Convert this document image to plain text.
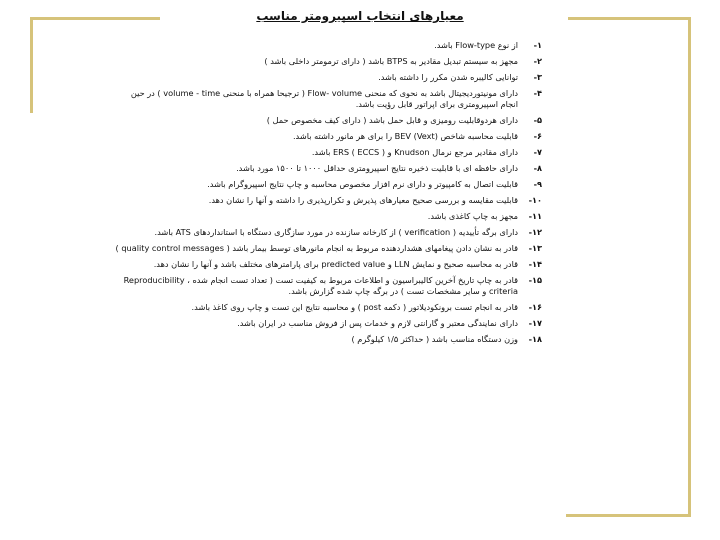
معیارهای انتخاب اسپیرومتر مناسب
۱-
از نوع Flow-type باشد.
۲-
مجهز به سیستم تبدیل مقادیر به BTPS باشد ( دارای ترمومتر داخلی باشد )
۳-
توانایی کالیبره شدن مکرر را داشته باشد.
۴-
دارای مونیتوردیجیتال باشد به نحوی که منحنی Flow- volume ( ترجیحا همراه با منحنی volume - time ) در حین انجام اسپیرومتری برای اپراتور قابل رؤیت باشد.
۵-
دارای هردوقابلیت رومیزی و قابل حمل باشد ( دارای کیف مخصوص حمل )
۶-
قابلیت محاسبه شاخص BEV (Vext) را برای هر مانور داشته باشد.
۷-
دارای مقادیر مرجع نرمال Knudson و ERS ( ECCS ) باشد.
۸-
دارای حافظه ای با قابلیت ذخیره نتایج اسپیرومتری حداقل ۱۰۰۰ تا ۱۵۰۰ مورد باشد.
۹-
قابلیت اتصال به کامپیوتر و دارای نرم افزار مخصوص محاسبه و چاپ نتایج اسپیروگرام باشد.
۱۰-
قابلیت مقایسه و بررسی صحیح معیارهای پذیرش و تکرارپذیری را داشته و آنها را نشان دهد.
۱۱-
مجهز به چاپ کاغذی باشد.
۱۲-
دارای برگه تأییدیه ( verification ) از کارخانه سازنده در مورد سازگاری دستگاه با استانداردهای ATS باشد.
۱۳-
قادر به نشان دادن پیغامهای هشداردهنده مربوط به انجام مانورهای توسط بیمار باشد ( quality control messages )
۱۴-
قادر به محاسبه صحیح و نمایش LLN و predicted value برای پارامترهای مختلف باشد و آنها را نشان دهد.
۱۵-
قادر به چاپ تاریخ آخرین کالیبراسیون و اطلاعات مربوط به کیفیت تست ( تعداد تست انجام شده ، Reproducibility criteria و سایر مشخصات تست ) در برگه چاپ شده گزارش باشد.
۱۶-
قادر به انجام تست برونکودیلاتور ( دکمه post ) و محاسبه نتایج این تست و چاپ روی کاغذ باشد.
۱۷-
دارای نمایندگی معتبر و گارانتی لازم و خدمات پس از فروش مناسب در ایران باشد.
۱۸-
وزن دستگاه مناسب باشد ( حداکثر ۱/۵ کیلوگرم )
